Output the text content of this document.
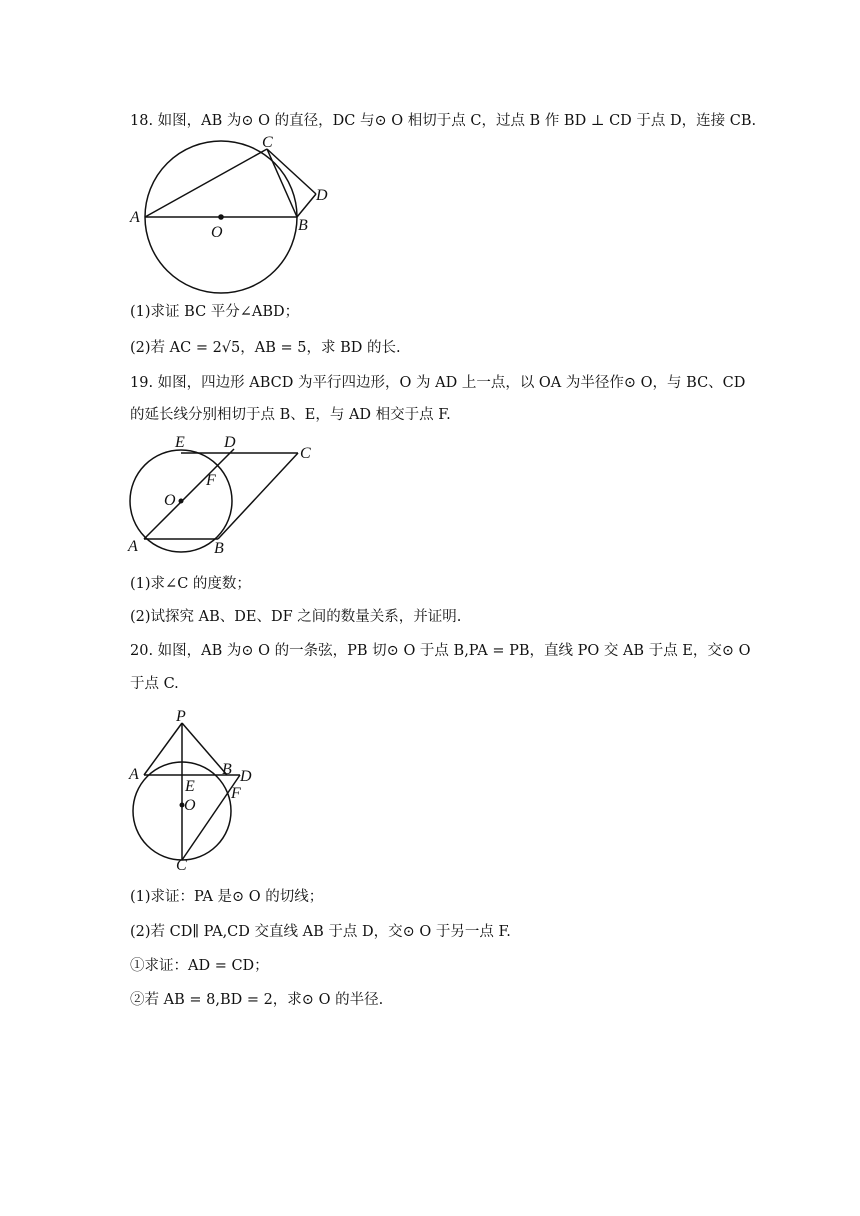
18. 如图，AB 为⊙ O 的直径，DC 与⊙ O 相切于点 C，过点 B 作 BD ⊥ CD 于点 D，连接 CB.
A	B
C
D
O
(1)求证 BC 平分∠ABD；
(2)若 AC = 2√5，AB = 5，求 BD 的长.
19. 如图，四边形 ABCD 为平行四边形，O 为 AD 上一点，以 OA 为半径作⊙ O，与 BC、CD
的延长线分别相切于点 B、E，与 AD 相交于点 F.
A	B
C
D
E
F
O
(1)求∠C 的度数；
(2)试探究 AB、DE、DF 之间的数量关系，并证明.
20. 如图，AB 为⊙ O 的一条弦，PB 切⊙ O 于点 B,PA = PB，直线 PO 交 AB 于点 E，交⊙ O
于点 C.
P
A	B D
E F
O
C
(1)求证：PA 是⊙ O 的切线；
(2)若 CD∥ PA,CD 交直线 AB 于点 D，交⊙ O 于另一点 F.
①求证：AD = CD；
②若 AB = 8,BD = 2，求⊙ O 的半径.
